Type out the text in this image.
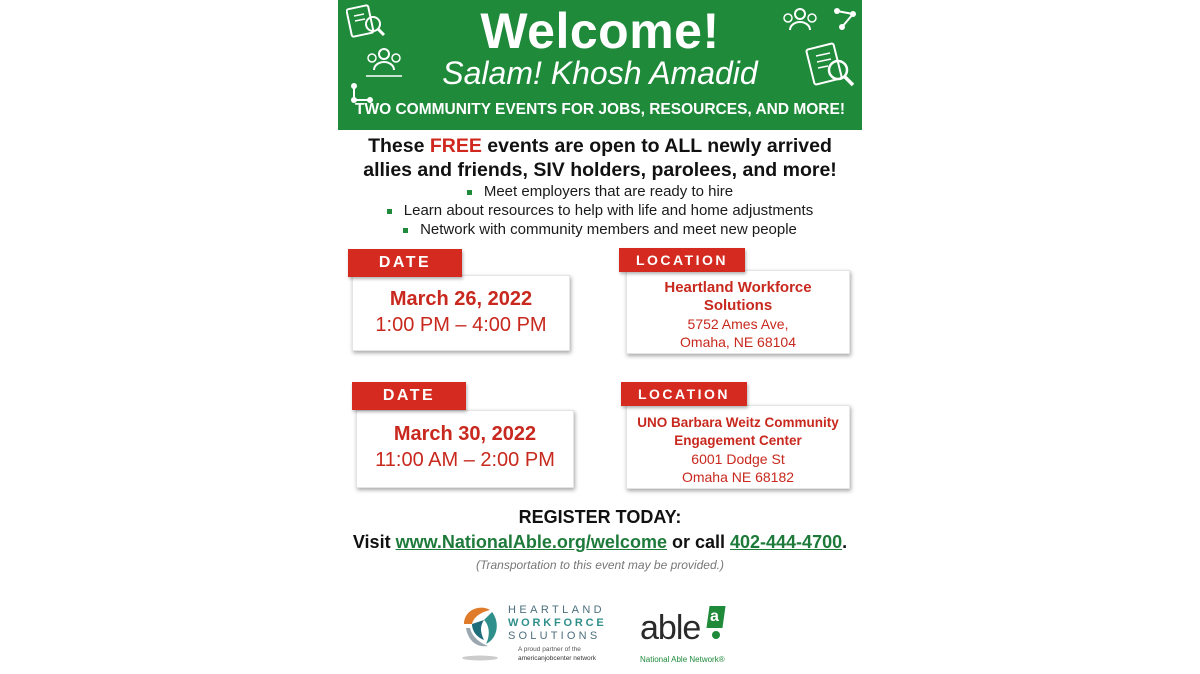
Welcome!
Salam! Khosh Amadid
TWO COMMUNITY EVENTS FOR JOBS, RESOURCES, AND MORE!
These FREE events are open to ALL newly arrived
allies and friends, SIV holders, parolees, and more!
Meet employers that are ready to hire
Learn about resources to help with life and home adjustments
Network with community members and meet new people
March 26, 2022
1:00 PM – 4:00 PM
DATE
Heartland Workforce
Solutions
5752 Ames Ave,
Omaha, NE 68104
LOCATION
March 30, 2022
11:00 AM – 2:00 PM
DATE
UNO Barbara Weitz Community
Engagement Center
6001 Dodge St
Omaha NE 68182
LOCATION
REGISTER TODAY:
Visit www.NationalAble.org/welcome or call 402-444-4700.
(Transportation to this event may be provided.)
HEARTLAND
WORKFORCE
SOLUTIONS
A proud partner of the
americanjobcenter network
able a
National Able Network®
